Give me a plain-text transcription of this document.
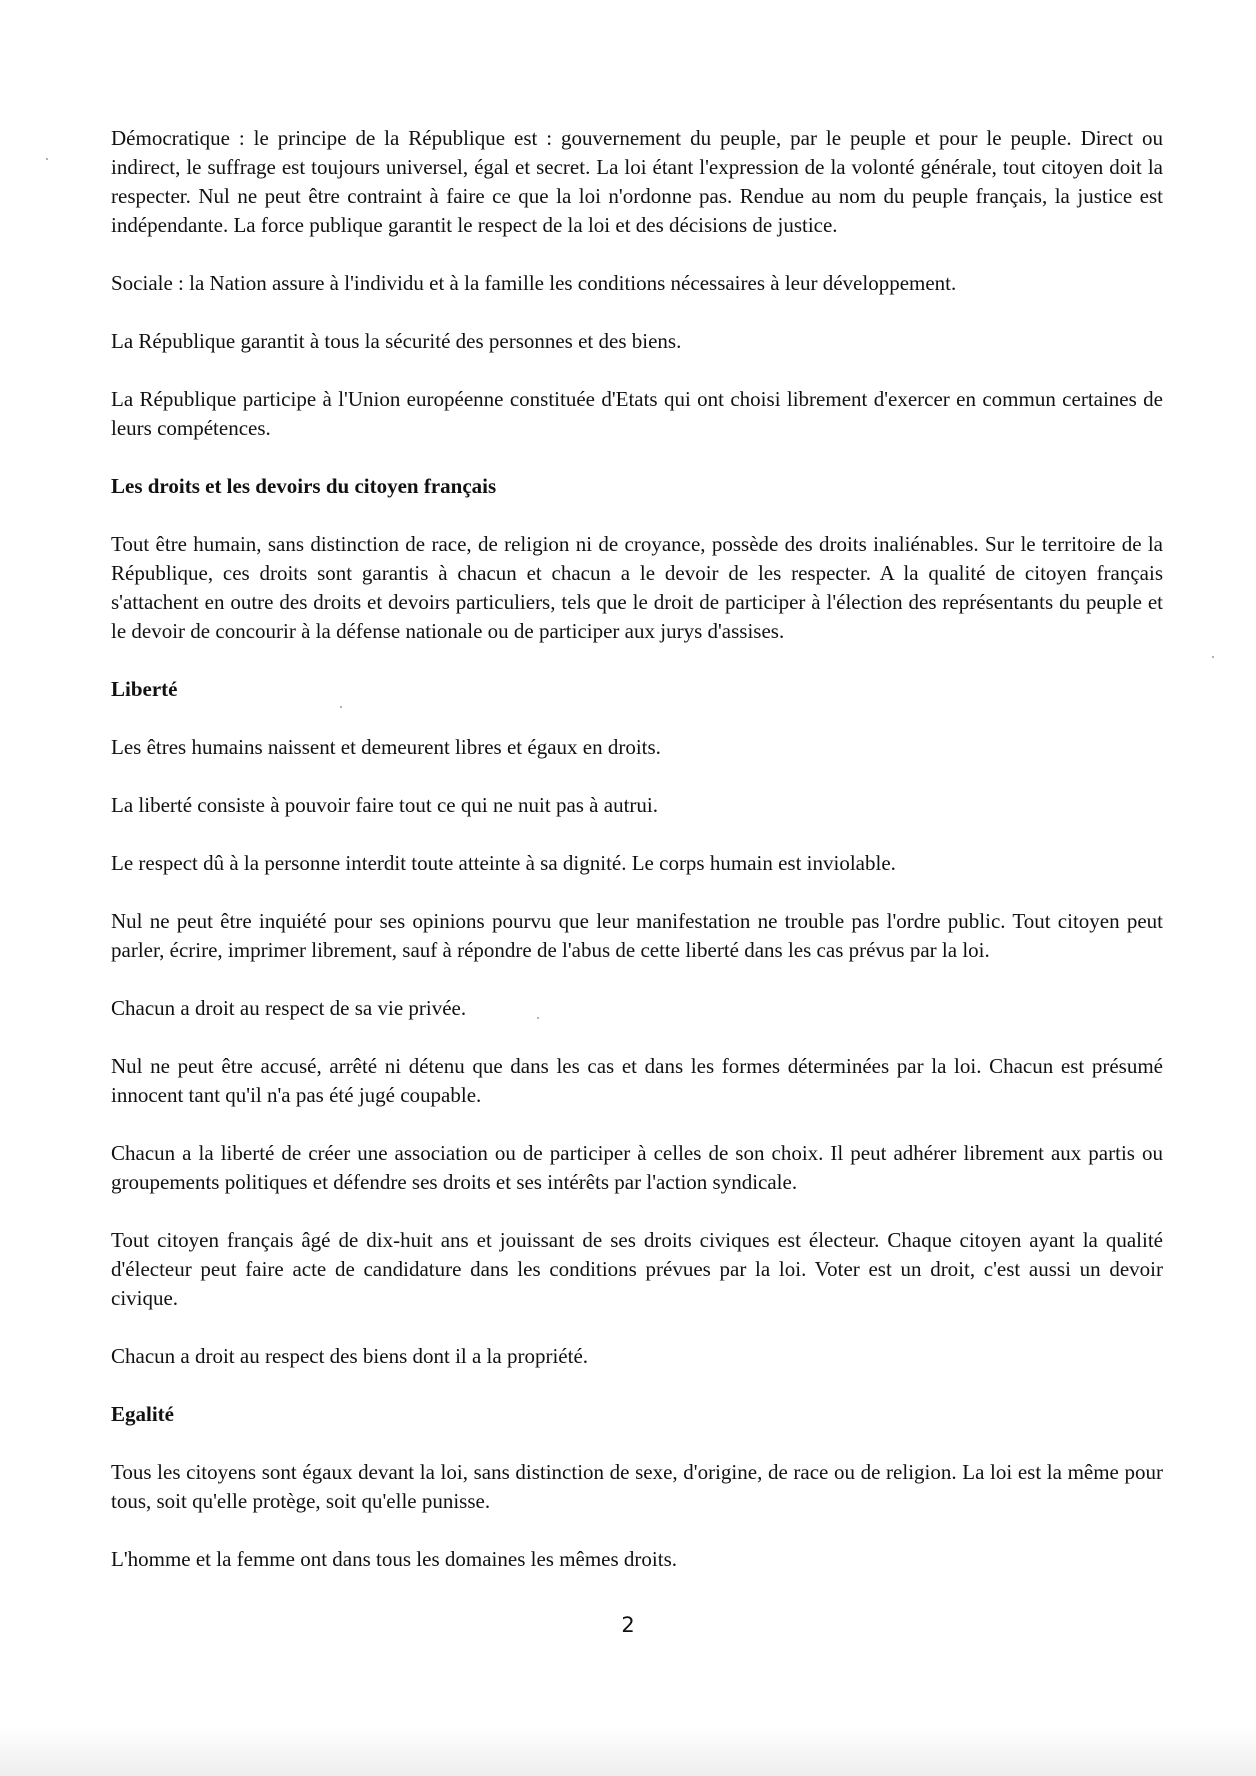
Démocratique : le principe de la République est : gouvernement du peuple, par le peuple et pour le peuple. Direct ou indirect, le suffrage est toujours universel, égal et secret. La loi étant l'expression de la volonté générale, tout citoyen doit la respecter. Nul ne peut être contraint à faire ce que la loi n'ordonne pas. Rendue au nom du peuple français, la justice est indépendante. La force publique garantit le respect de la loi et des décisions de justice.

Sociale : la Nation assure à l'individu et à la famille les conditions nécessaires à leur développement.

La République garantit à tous la sécurité des personnes et des biens.

La République participe à l'Union européenne constituée d'Etats qui ont choisi librement d'exercer en commun certaines de leurs compétences.

Les droits et les devoirs du citoyen français

Tout être humain, sans distinction de race, de religion ni de croyance, possède des droits inaliénables. Sur le territoire de la République, ces droits sont garantis à chacun et chacun a le devoir de les respecter. A la qualité de citoyen français s'attachent en outre des droits et devoirs particuliers, tels que le droit de participer à l'élection des représentants du peuple et le devoir de concourir à la défense nationale ou de participer aux jurys d'assises.

Liberté

Les êtres humains naissent et demeurent libres et égaux en droits.

La liberté consiste à pouvoir faire tout ce qui ne nuit pas à autrui.

Le respect dû à la personne interdit toute atteinte à sa dignité. Le corps humain est inviolable.

Nul ne peut être inquiété pour ses opinions pourvu que leur manifestation ne trouble pas l'ordre public. Tout citoyen peut parler, écrire, imprimer librement, sauf à répondre de l'abus de cette liberté dans les cas prévus par la loi.

Chacun a droit au respect de sa vie privée.

Nul ne peut être accusé, arrêté ni détenu que dans les cas et dans les formes déterminées par la loi. Chacun est présumé innocent tant qu'il n'a pas été jugé coupable.

Chacun a la liberté de créer une association ou de participer à celles de son choix. Il peut adhérer librement aux partis ou groupements politiques et défendre ses droits et ses intérêts par l'action syndicale.

Tout citoyen français âgé de dix-huit ans et jouissant de ses droits civiques est électeur. Chaque citoyen ayant la qualité d'électeur peut faire acte de candidature dans les conditions prévues par la loi. Voter est un droit, c'est aussi un devoir civique.

Chacun a droit au respect des biens dont il a la propriété.

Egalité

Tous les citoyens sont égaux devant la loi, sans distinction de sexe, d'origine, de race ou de religion. La loi est la même pour tous, soit qu'elle protège, soit qu'elle punisse.

L'homme et la femme ont dans tous les domaines les mêmes droits.

2
